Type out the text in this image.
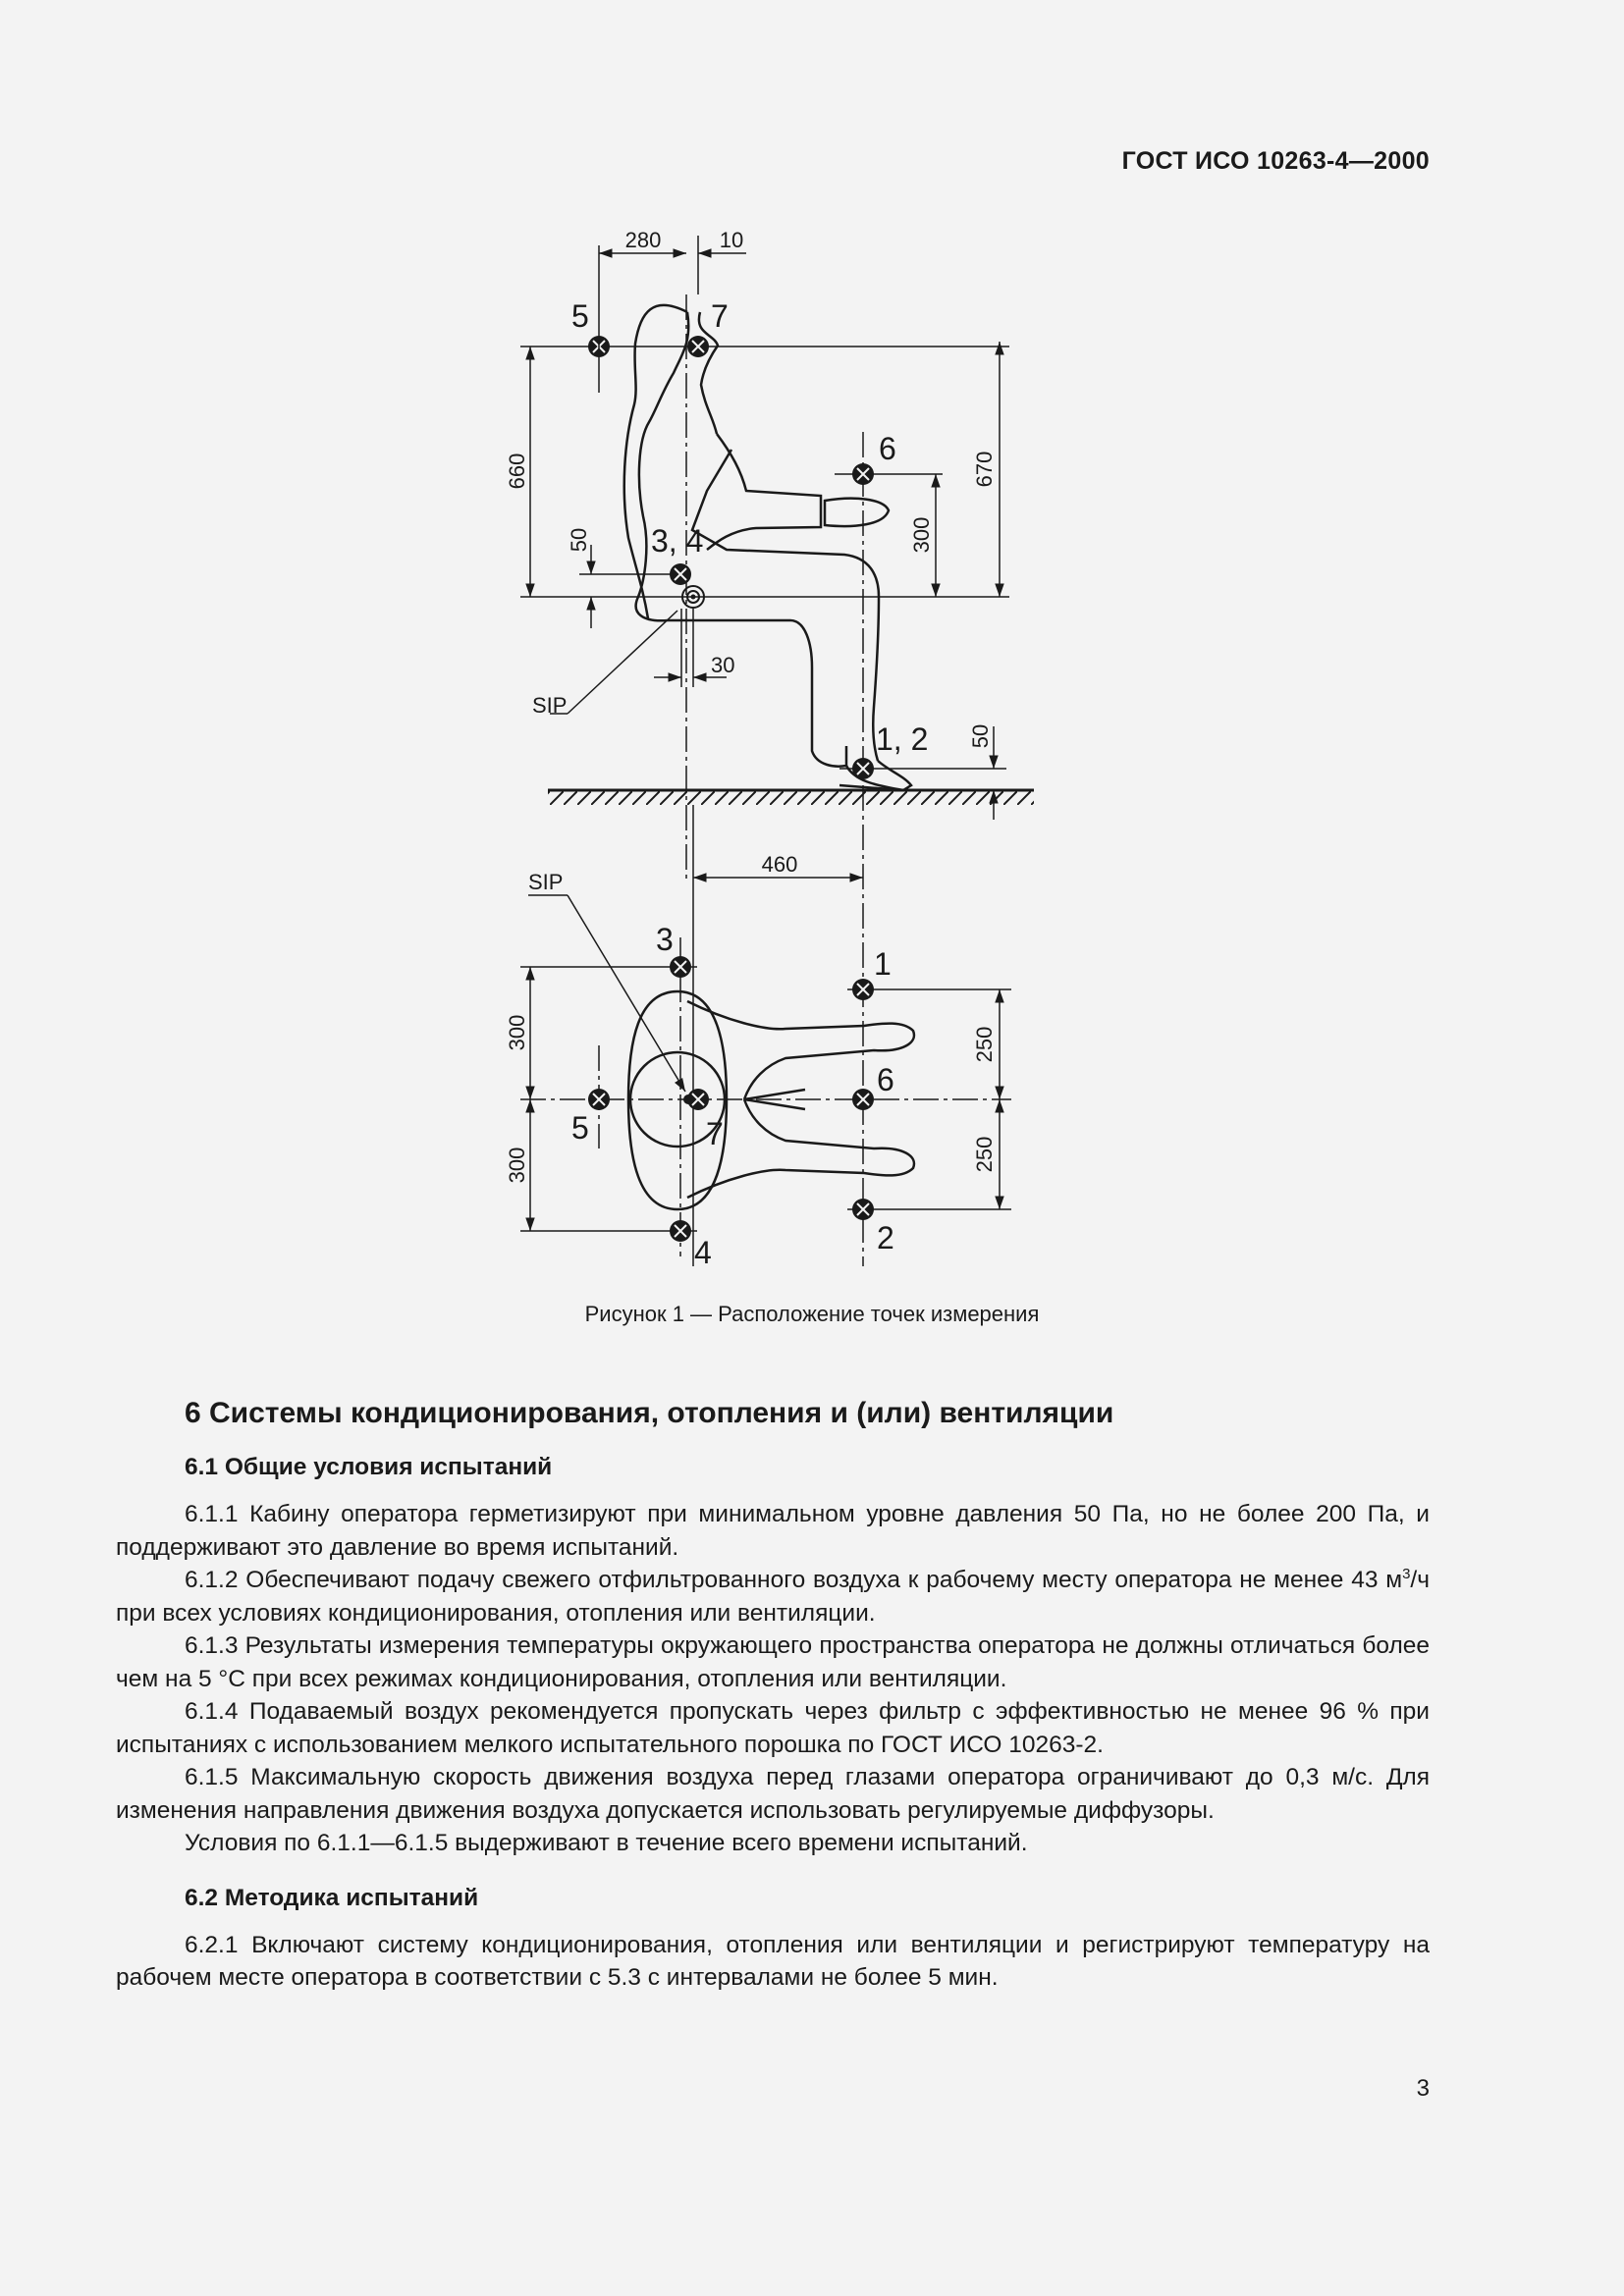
ГОСТ ИСО 10263-4—2000
280	10
5	7
6
3, 4
1, 2
SIP
30
460
660	670
300
50
50
3
1
6
5	7
4	2
SIP
300
300
250
250
Рисунок 1 — Расположение точек измерения
6 Системы кондиционирования, отопления и (или) вентиляции
6.1 Общие условия испытаний

6.1.1 Кабину оператора герметизируют при минимальном уровне давления 50 Па, но не более 200 Па, и поддерживают это давление во время испытаний.

6.1.2 Обеспечивают подачу свежего отфильтрованного воздуха к рабочему месту оператора не менее 43 $м^3/ч$ при всех условиях кондиционирования, отопления или вентиляции.

6.1.3 Результаты измерения температуры окружающего пространства оператора не должны отличаться более чем на 5 °С при всех режимах кондиционирования, отопления или вентиляции.

6.1.4 Подаваемый воздух рекомендуется пропускать через фильтр с эффективностью не менее 96 % при испытаниях с использованием мелкого испытательного порошка по ГОСТ ИСО 10263-2.

6.1.5 Максимальную скорость движения воздуха перед глазами оператора ограничивают до 0,3 м/с. Для изменения направления движения воздуха допускается использовать регулируемые диффузоры.

Условия по 6.1.1—6.1.5 выдерживают в течение всего времени испытаний.

6.2 Методика испытаний

6.2.1 Включают систему кондиционирования, отопления или вентиляции и регистрируют температуру на рабочем месте оператора в соответствии с 5.3 с интервалами не более 5 мин.

3
